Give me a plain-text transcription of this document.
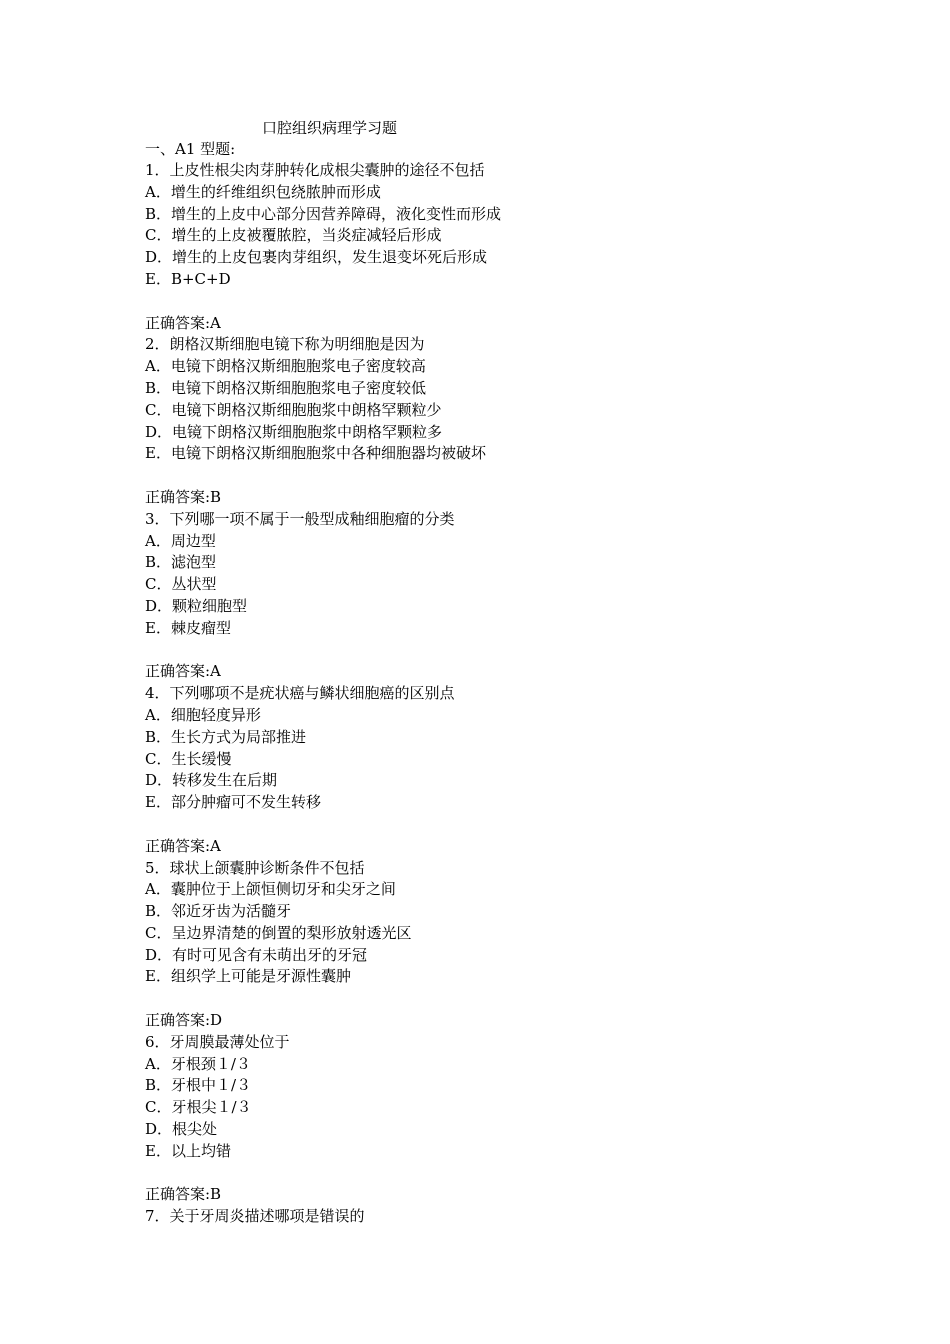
口腔组织病理学习题
一、A1 型题:
1．上皮性根尖肉芽肿转化成根尖囊肿的途径不包括
A．增生的纤维组织包绕脓肿而形成
B．增生的上皮中心部分因营养障碍，液化变性而形成
C．增生的上皮被覆脓腔，当炎症减轻后形成
D．增生的上皮包裹肉芽组织，发生退变坏死后形成
E．B+C+D
正确答案:A
2．朗格汉斯细胞电镜下称为明细胞是因为
A．电镜下朗格汉斯细胞胞浆电子密度较高
B．电镜下朗格汉斯细胞胞浆电子密度较低
C．电镜下朗格汉斯细胞胞浆中朗格罕颗粒少
D．电镜下朗格汉斯细胞胞浆中朗格罕颗粒多
E．电镜下朗格汉斯细胞胞浆中各种细胞器均被破坏
正确答案:B
3．下列哪一项不属于一般型成釉细胞瘤的分类
A．周边型
B．滤泡型
C．丛状型
D．颗粒细胞型
E．棘皮瘤型
正确答案:A
4．下列哪项不是疣状癌与鳞状细胞癌的区别点
A．细胞轻度异形
B．生长方式为局部推进
C．生长缓慢
D．转移发生在后期
E．部分肿瘤可不发生转移
正确答案:A
5．球状上颌囊肿诊断条件不包括
A．囊肿位于上颌恒侧切牙和尖牙之间
B．邻近牙齿为活髓牙
C．呈边界清楚的倒置的梨形放射透光区
D．有时可见含有未萌出牙的牙冠
E．组织学上可能是牙源性囊肿
正确答案:D
6．牙周膜最薄处位于
A．牙根颈１/３
B．牙根中１/３
C．牙根尖１/３
D．根尖处
E．以上均错
正确答案:B
7．关于牙周炎描述哪项是错误的
